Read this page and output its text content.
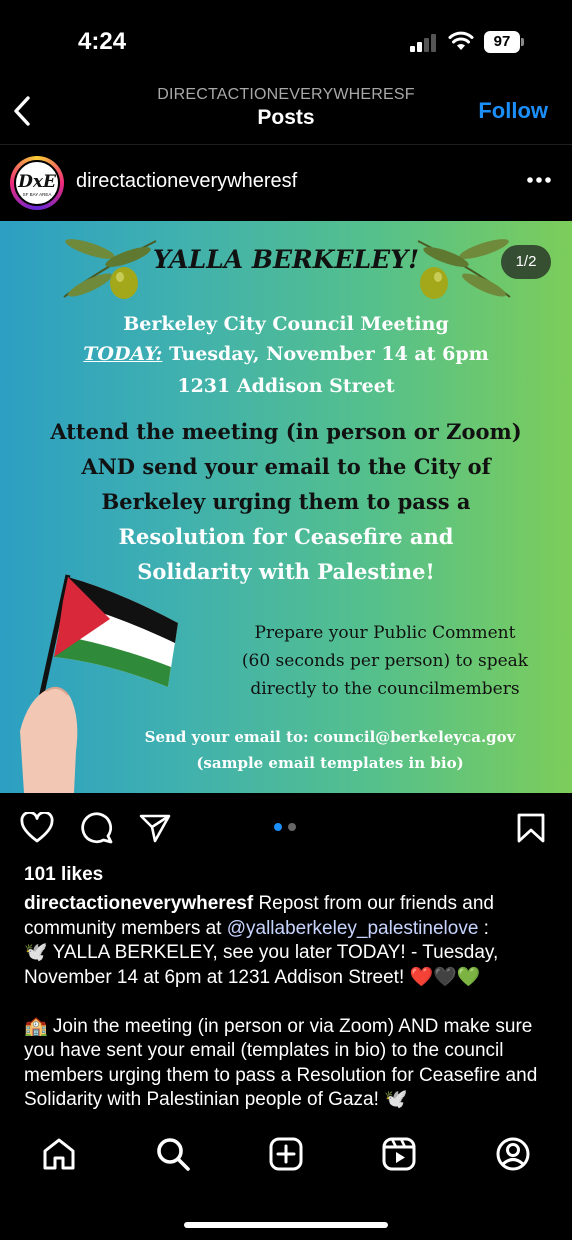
4:24	97
DIRECTACTIONEVERYWHERESF
Posts	Follow
DxE
SF BAY AREA
directactioneverywheresf
YALLA BERKELEY!	1/2
Berkeley City Council Meeting
TODAY: Tuesday, November 14 at 6pm
1231 Addison Street
Attend the meeting (in person or Zoom)
AND send your email to the City of
Berkeley urging them to pass a
Resolution for Ceasefire and
Solidarity with Palestine!
Prepare your Public Comment
(60 seconds per person) to speak
directly to the councilmembers
Send your email to: council@berkeleyca.gov
(sample email templates in bio)
101 likes

directactioneverywheresf Repost from our friends and community members at @yallaberkeley_palestinelove :
🕊️ YALLA BERKELEY, see you later TODAY! - Tuesday, November 14 at 6pm at 1231 Addison Street! ❤️🖤💚

🏫 Join the meeting (in person or via Zoom) AND make sure you have sent your email (templates in bio) to the council members urging them to pass a Resolution for Ceasefire and Solidarity with Palestinian people of Gaza! 🕊️
